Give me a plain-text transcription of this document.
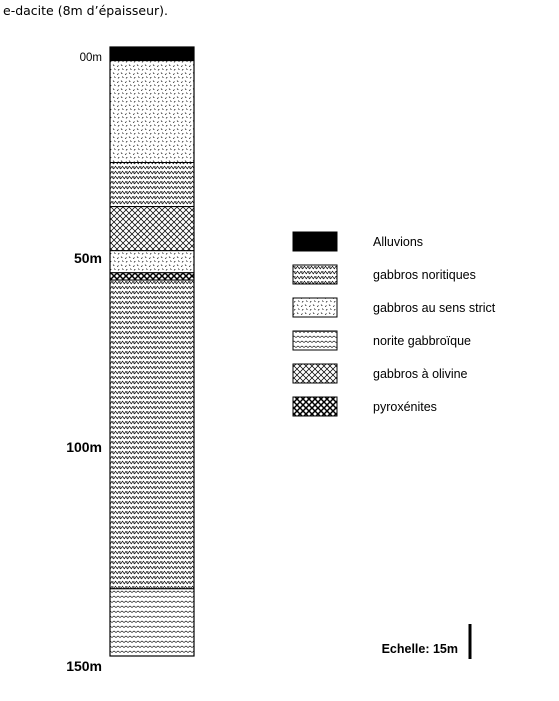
e-dacite (8m d’épaisseur).
00m
50m
100m
150m
Alluvions
gabbros noritiques
gabbros au sens strict
norite gabbroïque
gabbros à olivine
pyroxénites
Echelle: 15m
